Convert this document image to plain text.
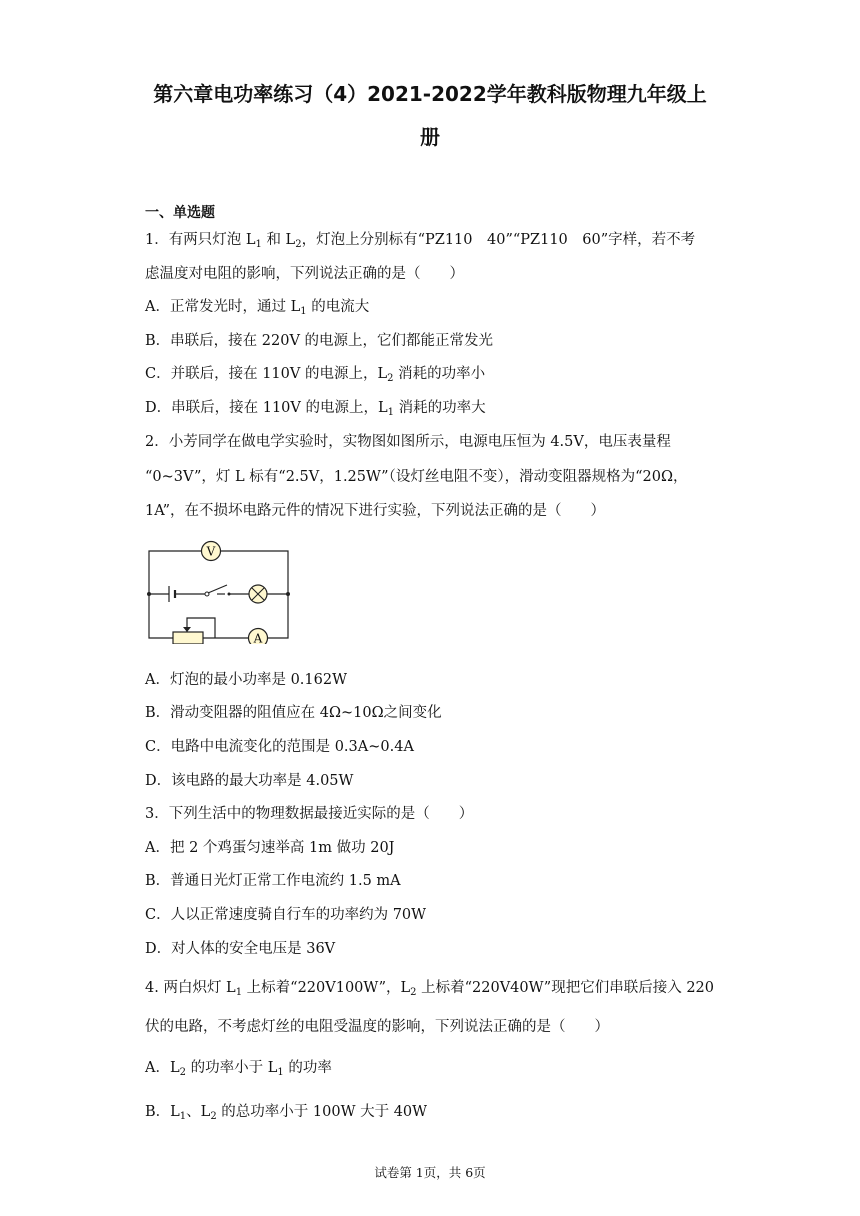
第六章电功率练习（4）2021-2022学年教科版物理九年级上
册
一、单选题
1．有两只灯泡 $L_1$ 和 $L_2$，灯泡上分别标有“PZ110　40”“PZ110　60”字样，若不考
虑温度对电阻的影响，下列说法正确的是（　　）
A．正常发光时，通过 $L_1$ 的电流大
B．串联后，接在 220V 的电源上，它们都能正常发光
C．并联后，接在 110V 的电源上，$L_2$ 消耗的功率小
D．串联后，接在 110V 的电源上，$L_1$ 消耗的功率大
2．小芳同学在做电学实验时，实物图如图所示，电源电压恒为 4.5V，电压表量程
“0~3V”，灯 L 标有“2.5V，1.25W”（设灯丝电阻不变），滑动变阻器规格为“20Ω，
1A”，在不损坏电路元件的情况下进行实验，下列说法正确的是（　　）
V
A
A．灯泡的最小功率是 0.162W
B．滑动变阻器的阻值应在 4Ω~10Ω之间变化
C．电路中电流变化的范围是 0.3A~0.4A
D．该电路的最大功率是 4.05W
3．下列生活中的物理数据最接近实际的是（　　）
A．把 2 个鸡蛋匀速举高 1m 做功 20J
B．普通日光灯正常工作电流约 1.5 mA
C．人以正常速度骑自行车的功率约为 70W
D．对人体的安全电压是 36V
4. 两白炽灯 $L_1$ 上标着“220V100W”，$L_2$ 上标着“220V40W”现把它们串联后接入 220
伏的电路，不考虑灯丝的电阻受温度的影响，下列说法正确的是（　　）
A．$L_2$ 的功率小于 $L_1$ 的功率
B．$L_1$、$L_2$ 的总功率小于 100W 大于 40W
试卷第 1页，共 6页
